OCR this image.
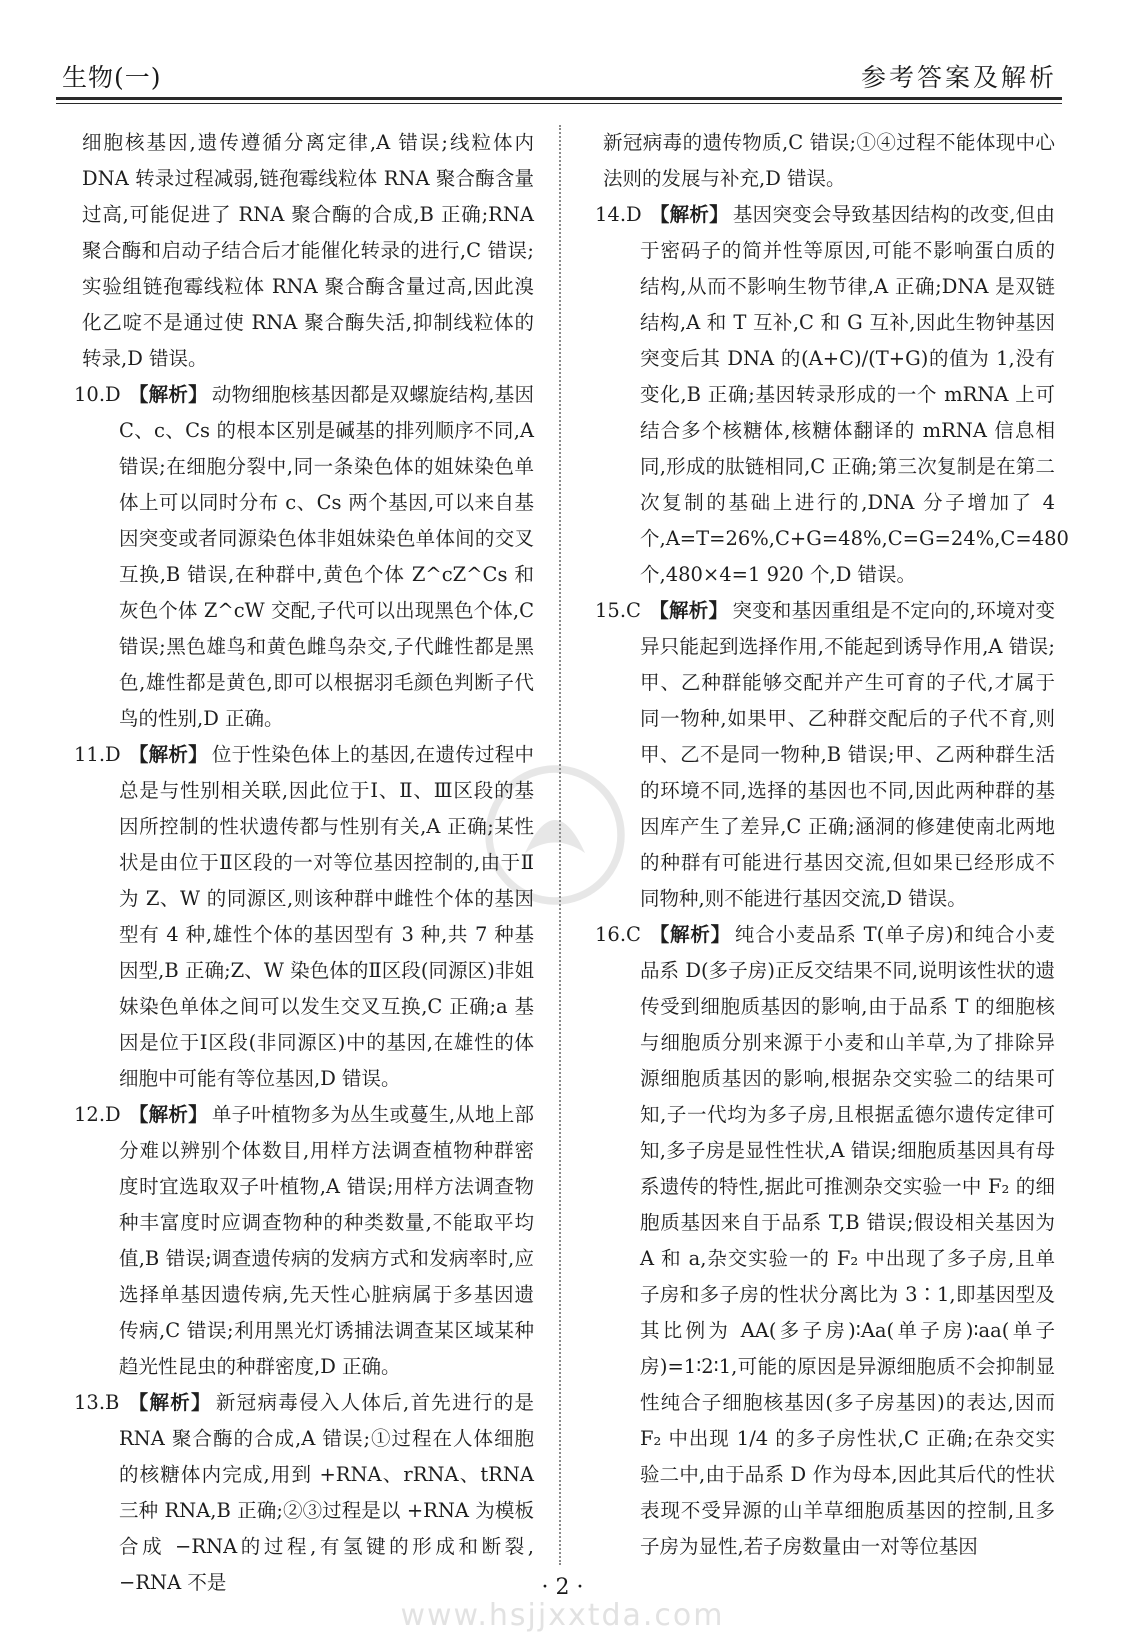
生物(一)	参考答案及解析

细胞核基因,遗传遵循分离定律,A 错误;线粒体内 DNA 转录过程减弱,链孢霉线粒体 RNA 聚合酶含量过高,可能促进了 RNA 聚合酶的合成,B 正确;RNA 聚合酶和启动子结合后才能催化转录的进行,C 错误;实验组链孢霉线粒体 RNA 聚合酶含量过高,因此溴化乙啶不是通过使 RNA 聚合酶失活,抑制线粒体的转录,D 错误。

10.D 【解析】 动物细胞核基因都是双螺旋结构,基因 C、c、Cs 的根本区别是碱基的排列顺序不同,A 错误;在细胞分裂中,同一条染色体的姐妹染色单体上可以同时分布 c、Cs 两个基因,可以来自基因突变或者同源染色体非姐妹染色单体间的交叉互换,B 错误,在种群中,黄色个体 Z^cZ^Cs 和灰色个体 Z^cW 交配,子代可以出现黑色个体,C 错误;黑色雄鸟和黄色雌鸟杂交,子代雌性都是黑色,雄性都是黄色,即可以根据羽毛颜色判断子代鸟的性别,D 正确。

11.D 【解析】 位于性染色体上的基因,在遗传过程中总是与性别相关联,因此位于Ⅰ、Ⅱ、Ⅲ区段的基因所控制的性状遗传都与性别有关,A 正确;某性状是由位于Ⅱ区段的一对等位基因控制的,由于Ⅱ为 Z、W 的同源区,则该种群中雌性个体的基因型有 4 种,雄性个体的基因型有 3 种,共 7 种基因型,B 正确;Z、W 染色体的Ⅱ区段(同源区)非姐妹染色单体之间可以发生交叉互换,C 正确;a 基因是位于Ⅰ区段(非同源区)中的基因,在雄性的体细胞中可能有等位基因,D 错误。

12.D 【解析】 单子叶植物多为丛生或蔓生,从地上部分难以辨别个体数目,用样方法调查植物种群密度时宜选取双子叶植物,A 错误;用样方法调查物种丰富度时应调查物种的种类数量,不能取平均值,B 错误;调查遗传病的发病方式和发病率时,应选择单基因遗传病,先天性心脏病属于多基因遗传病,C 错误;利用黑光灯诱捕法调查某区域某种趋光性昆虫的种群密度,D 正确。

13.B 【解析】 新冠病毒侵入人体后,首先进行的是 RNA 聚合酶的合成,A 错误;①过程在人体细胞的核糖体内完成,用到 +RNA、rRNA、tRNA 三种 RNA,B 正确;②③过程是以 +RNA 为模板合成 −RNA的过程,有氢键的形成和断裂,−RNA 不是

新冠病毒的遗传物质,C 错误;①④过程不能体现中心法则的发展与补充,D 错误。

14.D 【解析】 基因突变会导致基因结构的改变,但由于密码子的简并性等原因,可能不影响蛋白质的结构,从而不影响生物节律,A 正确;DNA 是双链结构,A 和 T 互补,C 和 G 互补,因此生物钟基因突变后其 DNA 的(A+C)/(T+G)的值为 1,没有变化,B 正确;基因转录形成的一个 mRNA 上可结合多个核糖体,核糖体翻译的 mRNA 信息相同,形成的肽链相同,C 正确;第三次复制是在第二次复制的基础上进行的,DNA 分子增加了 4 个,A=T=26%,C+G=48%,C=G=24%,C=480 个,480×4=1 920 个,D 错误。

15.C 【解析】 突变和基因重组是不定向的,环境对变异只能起到选择作用,不能起到诱导作用,A 错误;甲、乙种群能够交配并产生可育的子代,才属于同一物种,如果甲、乙种群交配后的子代不育,则甲、乙不是同一物种,B 错误;甲、乙两种群生活的环境不同,选择的基因也不同,因此两种群的基因库产生了差异,C 正确;涵洞的修建使南北两地的种群有可能进行基因交流,但如果已经形成不同物种,则不能进行基因交流,D 错误。

16.C 【解析】 纯合小麦品系 T(单子房)和纯合小麦品系 D(多子房)正反交结果不同,说明该性状的遗传受到细胞质基因的影响,由于品系 T 的细胞核与细胞质分别来源于小麦和山羊草,为了排除异源细胞质基因的影响,根据杂交实验二的结果可知,子一代均为多子房,且根据孟德尔遗传定律可知,多子房是显性性状,A 错误;细胞质基因具有母系遗传的特性,据此可推测杂交实验一中 F₂ 的细胞质基因来自于品系 T,B 错误;假设相关基因为 A 和 a,杂交实验一的 F₂ 中出现了多子房,且单子房和多子房的性状分离比为 3∶1,即基因型及其比例为 AA(多子房)∶Aa(单子房)∶aa(单子房)=1∶2∶1,可能的原因是异源细胞质不会抑制显性纯合子细胞核基因(多子房基因)的表达,因而 F₂ 中出现 1/4 的多子房性状,C 正确;在杂交实验二中,由于品系 D 作为母本,因此其后代的性状表现不受异源的山羊草细胞质基因的控制,且多子房为显性,若子房数量由一对等位基因

· 2 ·
www.hsjjxxtda.com
